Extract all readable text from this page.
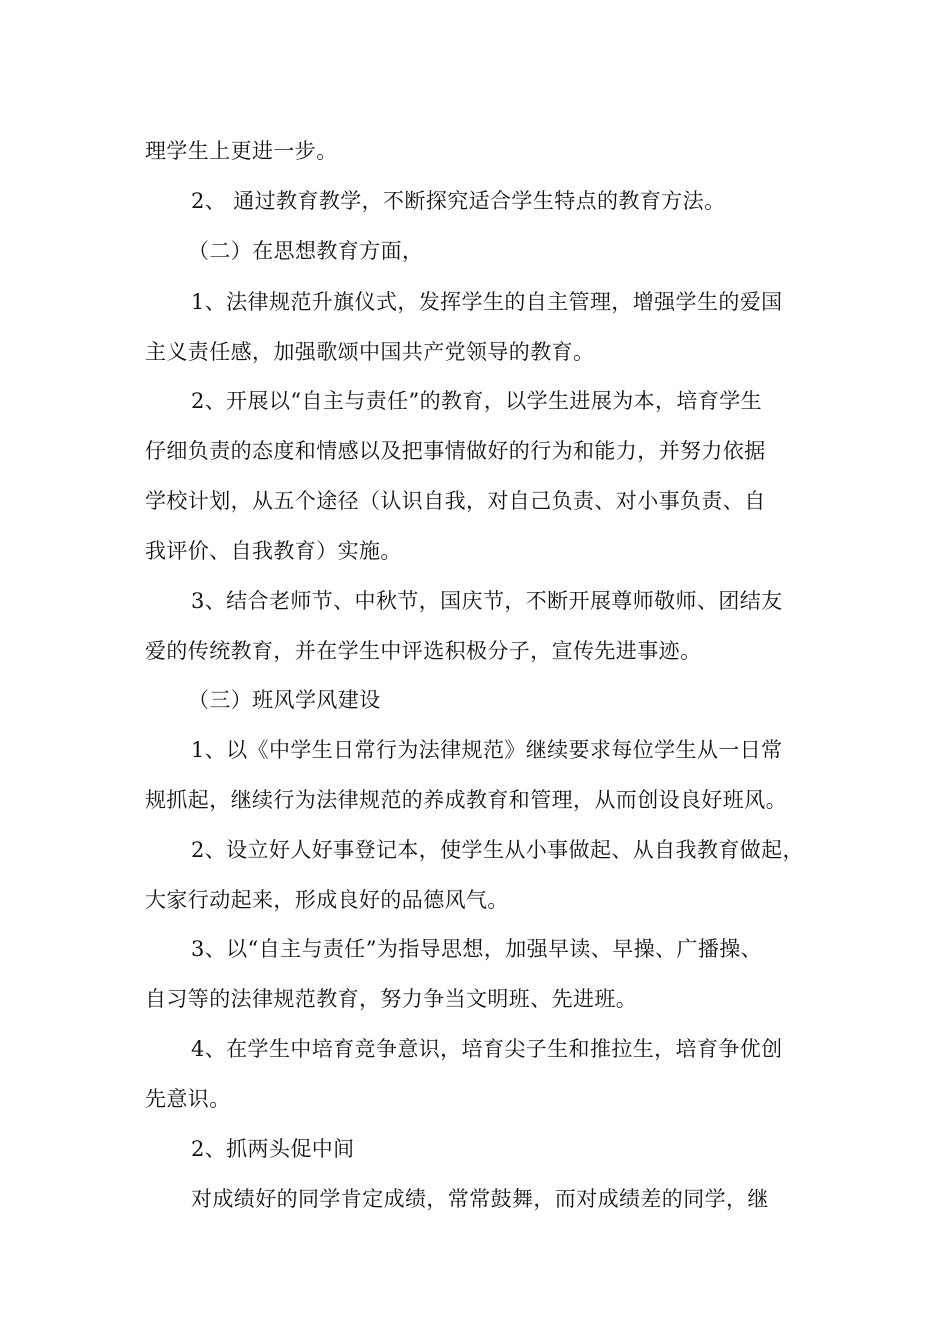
理学生上更进一步。
2、 通过教育教学，不断探究适合学生特点的教育方法。
（二）在思想教育方面，
1、法律规范升旗仪式，发挥学生的自主管理，增强学生的爱国
主义责任感，加强歌颂中国共产党领导的教育。
2、开展以“自主与责任”的教育，以学生进展为本，培育学生
仔细负责的态度和情感以及把事情做好的行为和能力，并努力依据
学校计划，从五个途径（认识自我，对自己负责、对小事负责、自
我评价、自我教育）实施。
3、结合老师节、中秋节，国庆节，不断开展尊师敬师、团结友
爱的传统教育，并在学生中评选积极分子，宣传先进事迹。
（三）班风学风建设
1、以《中学生日常行为法律规范》继续要求每位学生从一日常
规抓起，继续行为法律规范的养成教育和管理，从而创设良好班风。
2、设立好人好事登记本，使学生从小事做起、从自我教育做起，
大家行动起来，形成良好的品德风气。
3、以“自主与责任”为指导思想，加强早读、早操、广播操、
自习等的法律规范教育，努力争当文明班、先进班。
4、在学生中培育竞争意识，培育尖子生和推拉生，培育争优创
先意识。
2、抓两头促中间
对成绩好的同学肯定成绩，常常鼓舞，而对成绩差的同学，继
